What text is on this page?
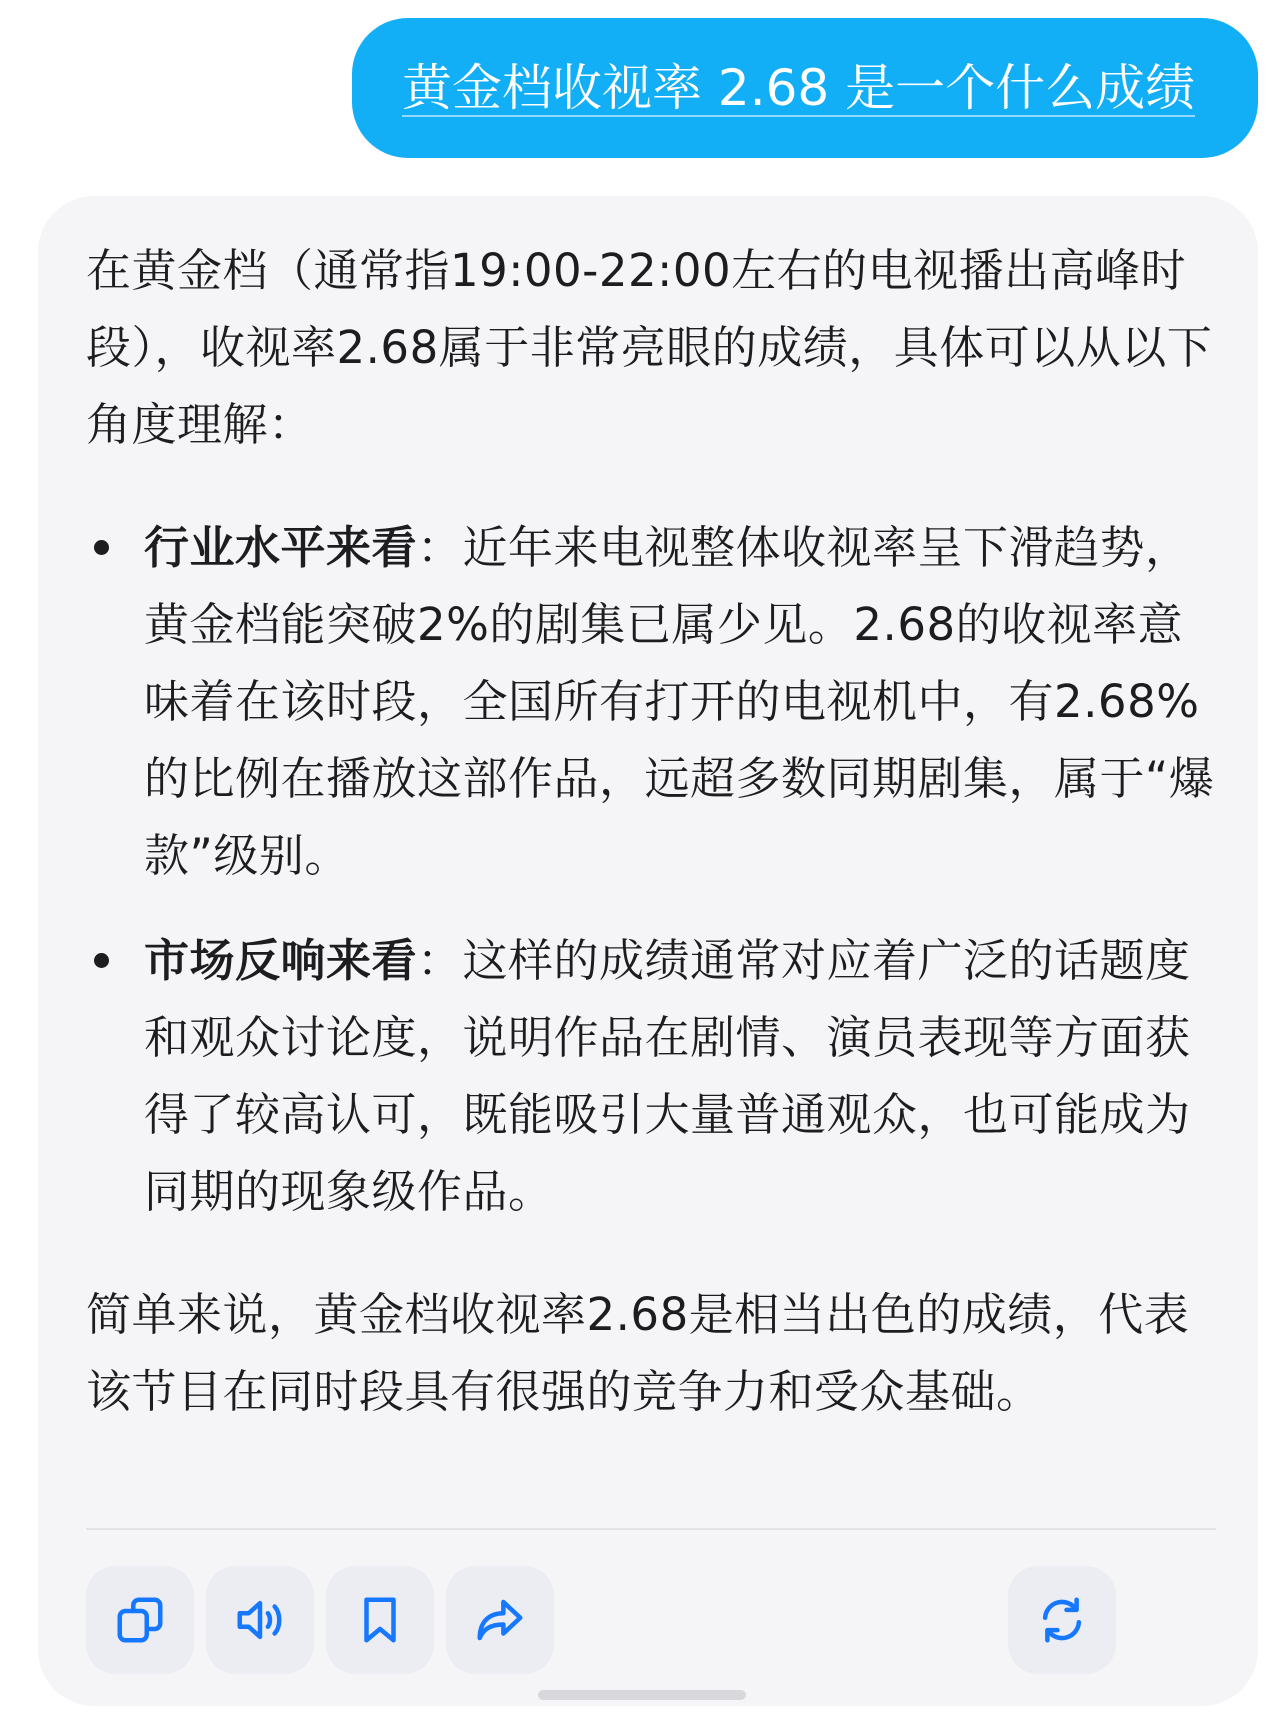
黄金档收视率 2.68 是一个什么成绩

在黄金档（通常指19:00-22:00左右的电视播出高峰时段），收视率2.68属于非常亮眼的成绩，具体可以从以下角度理解：

行业水平来看：近年来电视整体收视率呈下滑趋势，黄金档能突破2%的剧集已属少见。2.68的收视率意味着在该时段，全国所有打开的电视机中，有2.68%的比例在播放这部作品，远超多数同期剧集，属于“爆款”级别。
市场反响来看：这样的成绩通常对应着广泛的话题度和观众讨论度，说明作品在剧情、演员表现等方面获得了较高认可，既能吸引大量普通观众，也可能成为同期的现象级作品。

简单来说，黄金档收视率2.68是相当出色的成绩，代表该节目在同时段具有很强的竞争力和受众基础。
